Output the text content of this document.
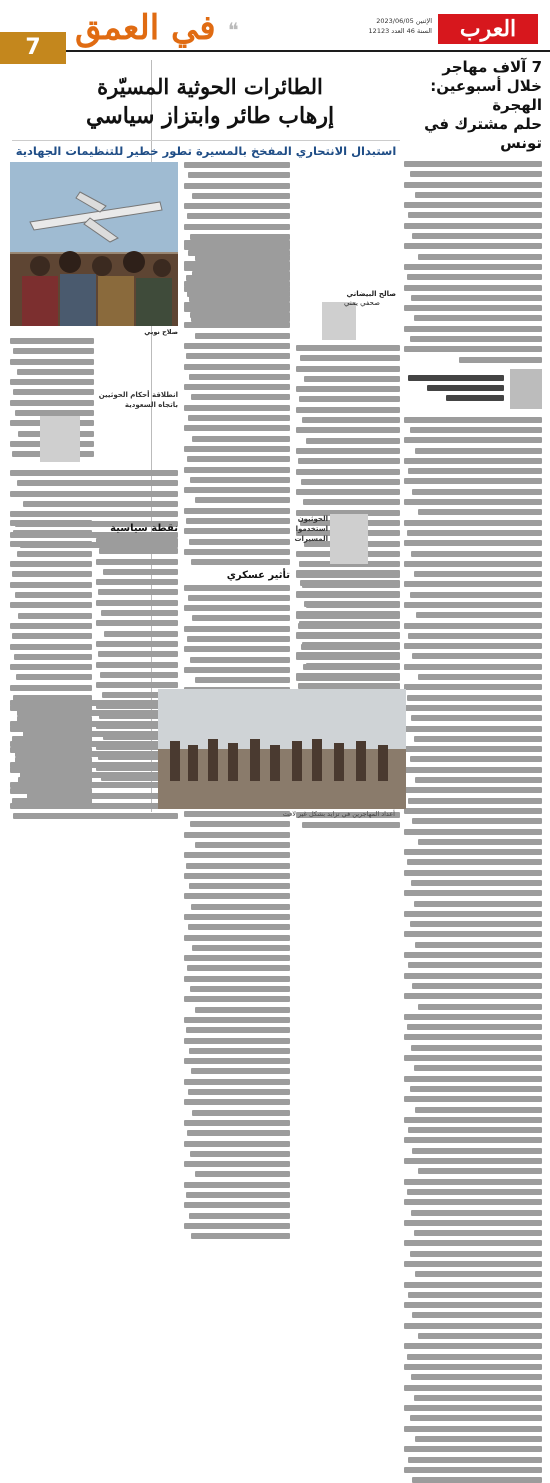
العرب
الإثنين 2023/06/05
السنة 46 العدد 12123
❝
في العمق
7
7 آلاف مهاجر
خلال أسبوعين: الهجرة
حلم مشترك في تونس
الطائرات الحوثية المسيّرة
إرهاب طائر وابتزاز سياسي
استبدال الانتحاري المفخخ بالمسيرة تطور خطير للتنظيمات الجهادية
صلاح نوبي
انطلاقة أحكام الحوثيين باتجاه السعودية
نقطة سياسية
صالح البيضاني
صحفي يمني
تأثير عسكري
الحوثيون استخدموا المسيرات
أعداد المهاجرين في تزايد بشكل غير لافت
